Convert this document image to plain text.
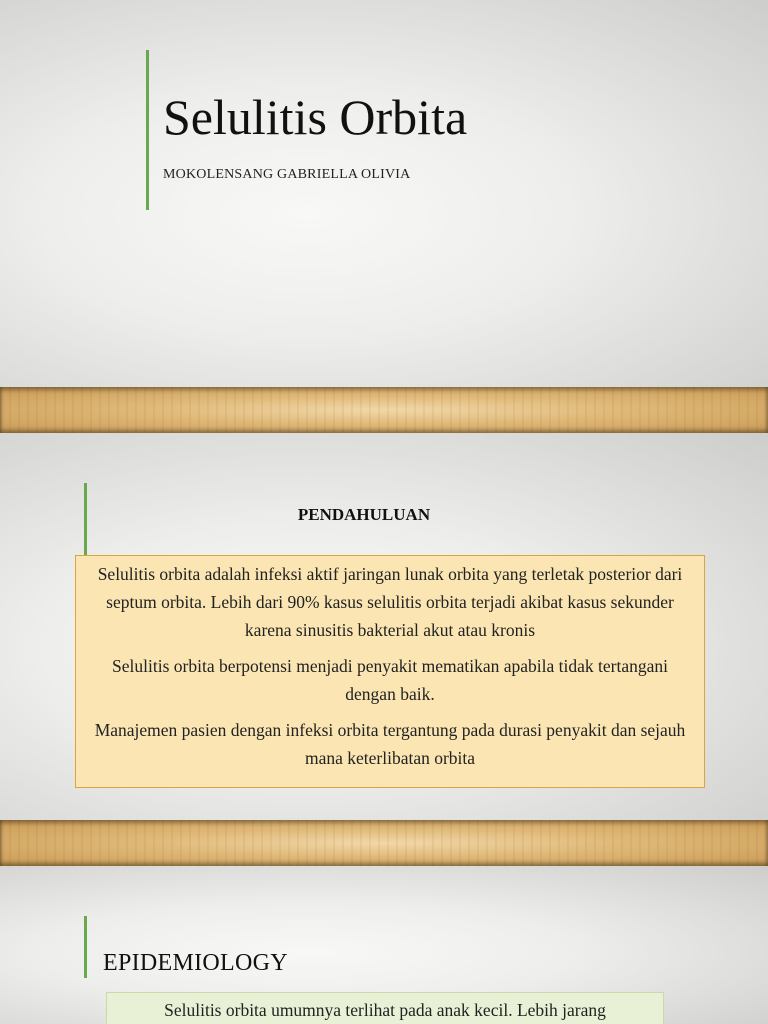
Selulitis Orbita
MOKOLENSANG GABRIELLA OLIVIA
PENDAHULUAN

Selulitis orbita adalah infeksi aktif jaringan lunak orbita yang terletak posterior dari septum orbita. Lebih dari 90% kasus selulitis orbita terjadi akibat kasus sekunder karena sinusitis bakterial akut atau kronis

Selulitis orbita berpotensi menjadi penyakit mematikan apabila tidak tertangani dengan baik.

Manajemen pasien dengan infeksi orbita tergantung pada durasi penyakit dan sejauh mana keterlibatan orbita

EPIDEMIOLOGY
Selulitis orbita umumnya terlihat pada anak kecil. Lebih jarang
